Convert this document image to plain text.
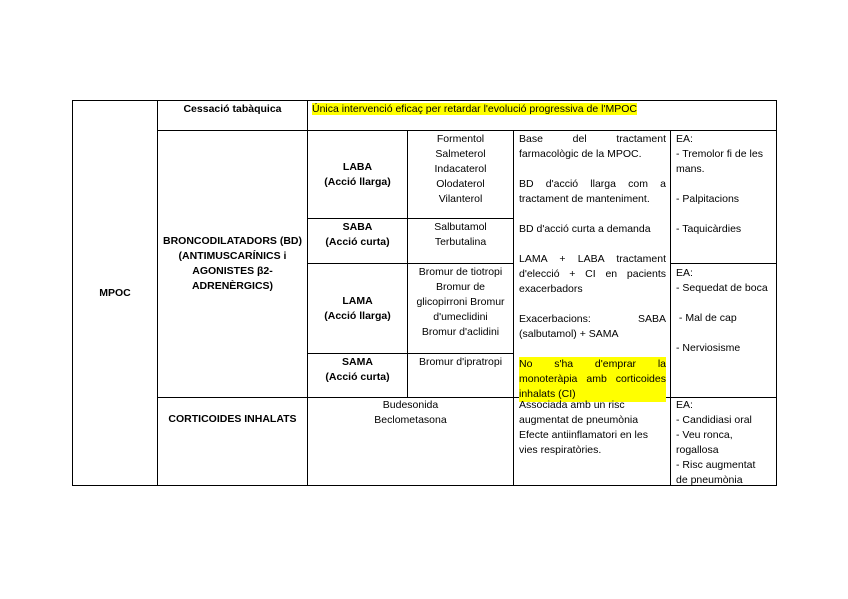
MPOC
Cessació tabàquica	Única intervenció eficaç per retardar l'evolució progressiva de l'MPOC
BRONCODILATADORS (BD)
(ANTIMUSCARÍNICS i
AGONISTES β2-
ADRENÈRGICS)
LABA
(Acció llarga)
Formentol
Salmeterol
Indacaterol
Olodaterol
Vilanterol
SABA
(Acció curta)
Salbutamol
Terbutalina
LAMA
(Acció llarga)
Bromur de tiotropi
Bromur de
glicopirroni Bromur
d'umeclidini
Bromur d'aclidini
SAMA
(Acció curta)
Bromur d'ipratropi
Base del tractament farmacològic de la MPOC.
BD d'acció llarga com a tractament de manteniment.
BD d'acció curta a demanda
LAMA + LABA tractament d'elecció + CI en pacients exacerbadors
Exacerbacions: SABA (salbutamol) + SAMA
No s'ha d'emprar la monoteràpia amb corticoides inhalats (CI)
EA:
- Tremolor fi de les mans.
- Palpitacions
- Taquicàrdies
EA:
- Sequedat de boca
- Mal de cap
- Nerviosisme
CORTICOIDES INHALATS
Budesonida
Beclometasona
Associada amb un risc augmentat de pneumònia Efecte antiinflamatori en les vies respiratòries.
EA:
- Candidiasi oral
- Veu ronca,
rogallosa
- Risc augmentat
de pneumònia
